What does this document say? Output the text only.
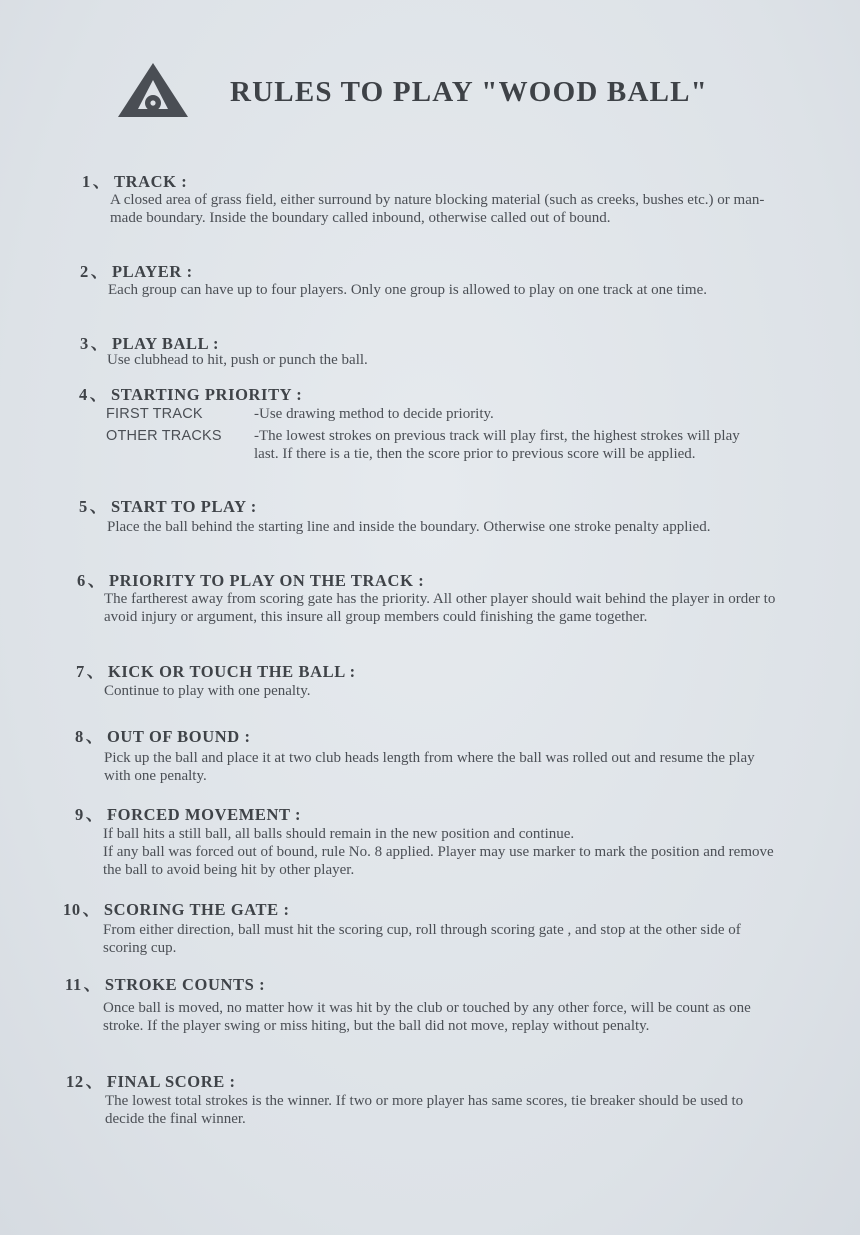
RULES TO PLAY "WOOD BALL"
1 、 TRACK :

A closed area of grass field, either surround by nature blocking material (such as creeks, bushes etc.) or man-made boundary. Inside the boundary called inbound, otherwise called out of bound.

2 、 PLAYER :

Each group can have up to four players. Only one group is allowed to play on one track at one time.

3 、 PLAY BALL :

Use clubhead to hit, push or punch the ball.

4 、 STARTING PRIORITY :
FIRST TRACK	-Use drawing method to decide priority.
OTHER TRACKS	-The lowest strokes on previous track will play first, the highest strokes will play last. If there is a tie, then the score prior to previous score will be applied.
5 、 START TO PLAY :

Place the ball behind the starting line and inside the boundary. Otherwise one stroke penalty applied.

6 、 PRIORITY TO PLAY ON THE TRACK :

The fartherest away from scoring gate has the priority. All other player should wait behind the player in order to avoid injury or argument, this insure all group members could finishing the game together.

7 、 KICK OR TOUCH THE BALL :

Continue to play with one penalty.

8 、 OUT OF BOUND :

Pick up the ball and place it at two club heads length from where the ball was rolled out and resume the play with one penalty.

9 、 FORCED MOVEMENT :

If ball hits a still ball, all balls should remain in the new position and continue.

If any ball was forced out of bound, rule No. 8 applied. Player may use marker to mark the position and remove the ball to avoid being hit by other player.

10 、 SCORING THE GATE :

From either direction, ball must hit the scoring cup, roll through scoring gate , and stop at the other side of scoring cup.

11 、 STROKE COUNTS :

Once ball is moved, no matter how it was hit by the club or touched by any other force, will be count as one stroke. If the player swing or miss hiting, but the ball did not move, replay without penalty.

12 、 FINAL SCORE :

The lowest total strokes is the winner. If two or more player has same scores, tie breaker should be used to decide the final winner.
